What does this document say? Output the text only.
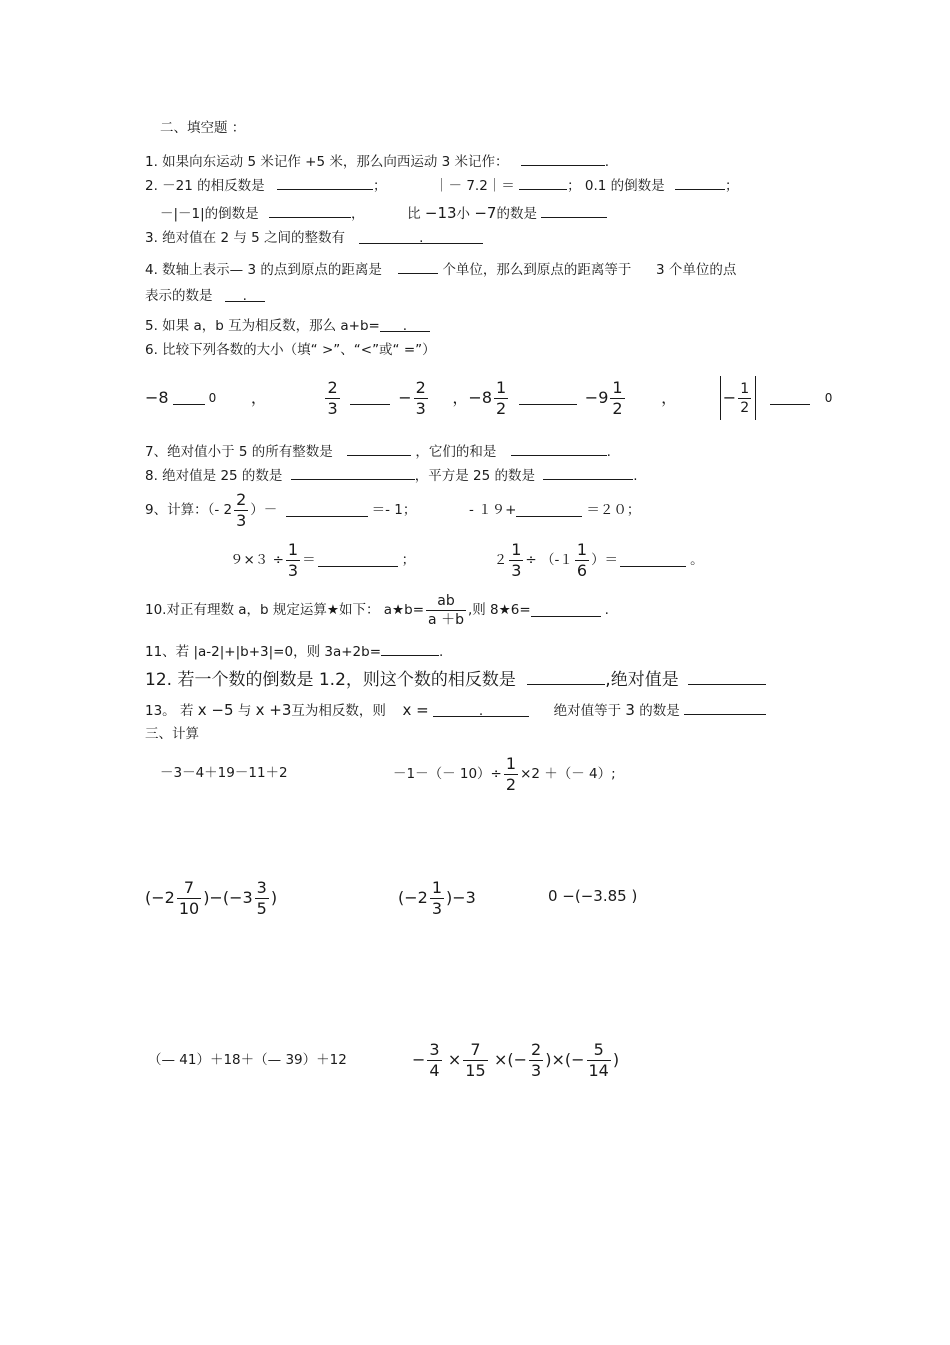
二、填空题 ：
1. 如果向东运动 5 米记作 +5 米，那么向西运动 3 米记作：	.
2. －21 的相反数是	；	｜－ 7.2｜＝	； 0.1 的倒数是	；
－|－1|的倒数是	，	比 −13小 −7的数是
3. 绝对值在 2 与 5 之间的整数有	.
4. 数轴上表示— 3 的点到原点的距离是	个单位，那么到原点的距离等于 3 个单位的点
表示的数是 .
5. 如果 a，b 互为相反数，那么 a+b= .
6. 比较下列各数的大小（填“ >”、“<”或“ =”）
−8	0 ，	$\frac{2}{3}$	− $\frac{2}{3}$ ，$-8 \frac{1}{2}$	$-9 \frac{1}{2}$ ，	− $\frac{1}{2}$	0
7、绝对值小于 5 的所有整数是	，它们的和是	.
8. 绝对值是 25 的数是	，平方是 25 的数是	.
9、计算：（- $2 \frac{2}{3}$ ）－	＝- 1；	- １９+	＝２０；
$9\times 3 \div \frac{1}{3}$ ＝	；	$2 \frac{1}{3} \div (-1 \frac{1}{6}$ ）＝	。
10.对正有理数 a，b 规定运算★如下： a★b= $\frac{ab}{a +b}$ ,则 8★6=	.
11、若 |a-2|+|b+3|=0，则 3a+2b=	.
12. 若一个数的倒数是 1.2，则这个数的相反数是	,绝对值是
13。 若 x −5 与 x +3互为相反数，则 x =	.	绝对值等于 3 的数是
三、计算
－3－4＋19－11＋2	$-1-(- 10)\div \frac{1}{2} \times 2$ ＋（－ 4）;
$(-2 \frac{7}{10} )-(-3 \frac{3}{5}$ )	$(-2 \frac{1}{3} )-3$	0 −(−3.85 )
（— 41）＋18＋（— 39）＋12	− $\frac{3}{4} \times \frac{7}{15}$ ×(− $\frac{2}{3}$ )×(− $\frac{5}{14}$ )
